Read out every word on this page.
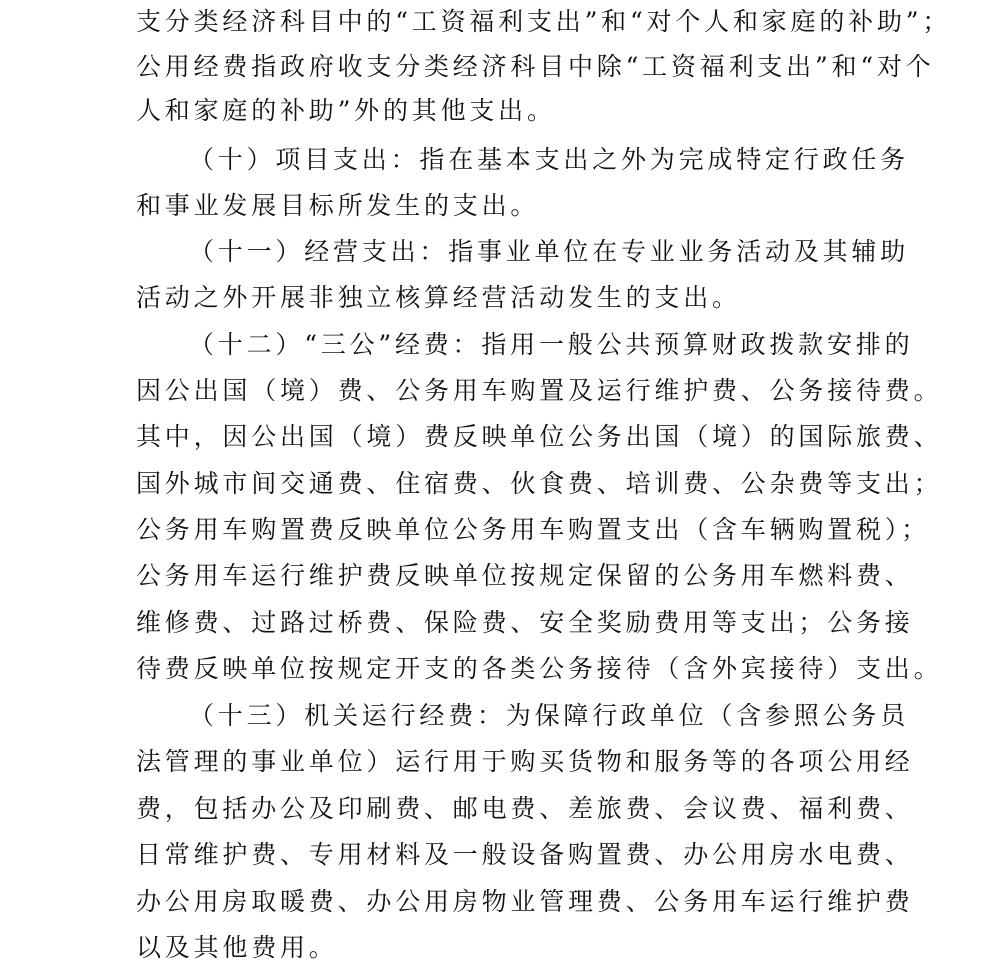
支分类经济科目中的“工资福利支出”和“对个人和家庭的补助”；
公用经费指政府收支分类经济科目中除“工资福利支出”和“对个
人和家庭的补助”外的其他支出。
（十）项目支出：指在基本支出之外为完成特定行政任务
和事业发展目标所发生的支出。
（十一）经营支出：指事业单位在专业业务活动及其辅助
活动之外开展非独立核算经营活动发生的支出。
（十二）“三公”经费：指用一般公共预算财政拨款安排的
因公出国（境）费、公务用车购置及运行维护费、公务接待费。
其中，因公出国（境）费反映单位公务出国（境）的国际旅费、
国外城市间交通费、住宿费、伙食费、培训费、公杂费等支出；
公务用车购置费反映单位公务用车购置支出（含车辆购置税）；
公务用车运行维护费反映单位按规定保留的公务用车燃料费、
维修费、过路过桥费、保险费、安全奖励费用等支出；公务接
待费反映单位按规定开支的各类公务接待（含外宾接待）支出。
（十三）机关运行经费：为保障行政单位（含参照公务员
法管理的事业单位）运行用于购买货物和服务等的各项公用经
费，包括办公及印刷费、邮电费、差旅费、会议费、福利费、
日常维护费、专用材料及一般设备购置费、办公用房水电费、
办公用房取暖费、办公用房物业管理费、公务用车运行维护费
以及其他费用。
